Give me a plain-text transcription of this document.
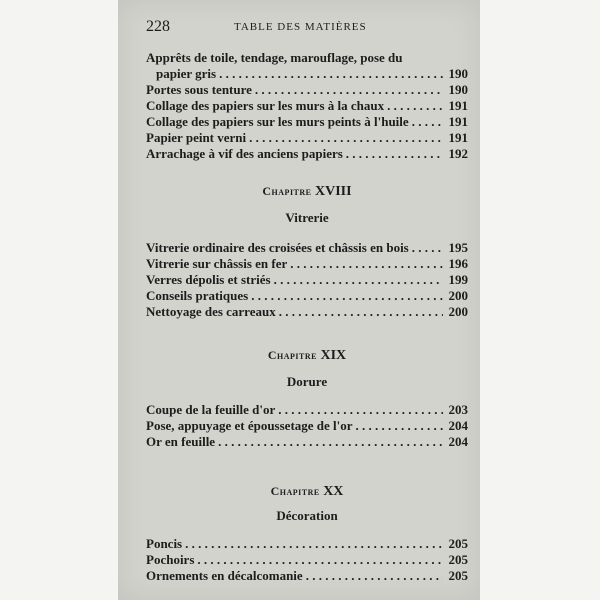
228	TABLE DES MATIÈRES
Apprêts de toile, tendage, marouflage, pose du
papier gris . . .	190
Portes sous tenture . . .	190
Collage des papiers sur les murs à la chaux . . .	191
Collage des papiers sur les murs peints à l'huile . . .	191
Papier peint verni . . .	191
Arrachage à vif des anciens papiers . . .	192
Chapitre XVIII
Vitrerie
Vitrerie ordinaire des croisées et châssis en bois . . .	195
Vitrerie sur châssis en fer . . .	196
Verres dépolis et striés . . .	199
Conseils pratiques . . .	200
Nettoyage des carreaux . . .	200
Chapitre XIX
Dorure
Coupe de la feuille d'or . . .	203
Pose, appuyage et époussetage de l'or . . .	204
Or en feuille . . .	204
Chapitre XX
Décoration
Poncis . . .	205
Pochoirs . . .	205
Ornements en décalcomanie . . .	205
